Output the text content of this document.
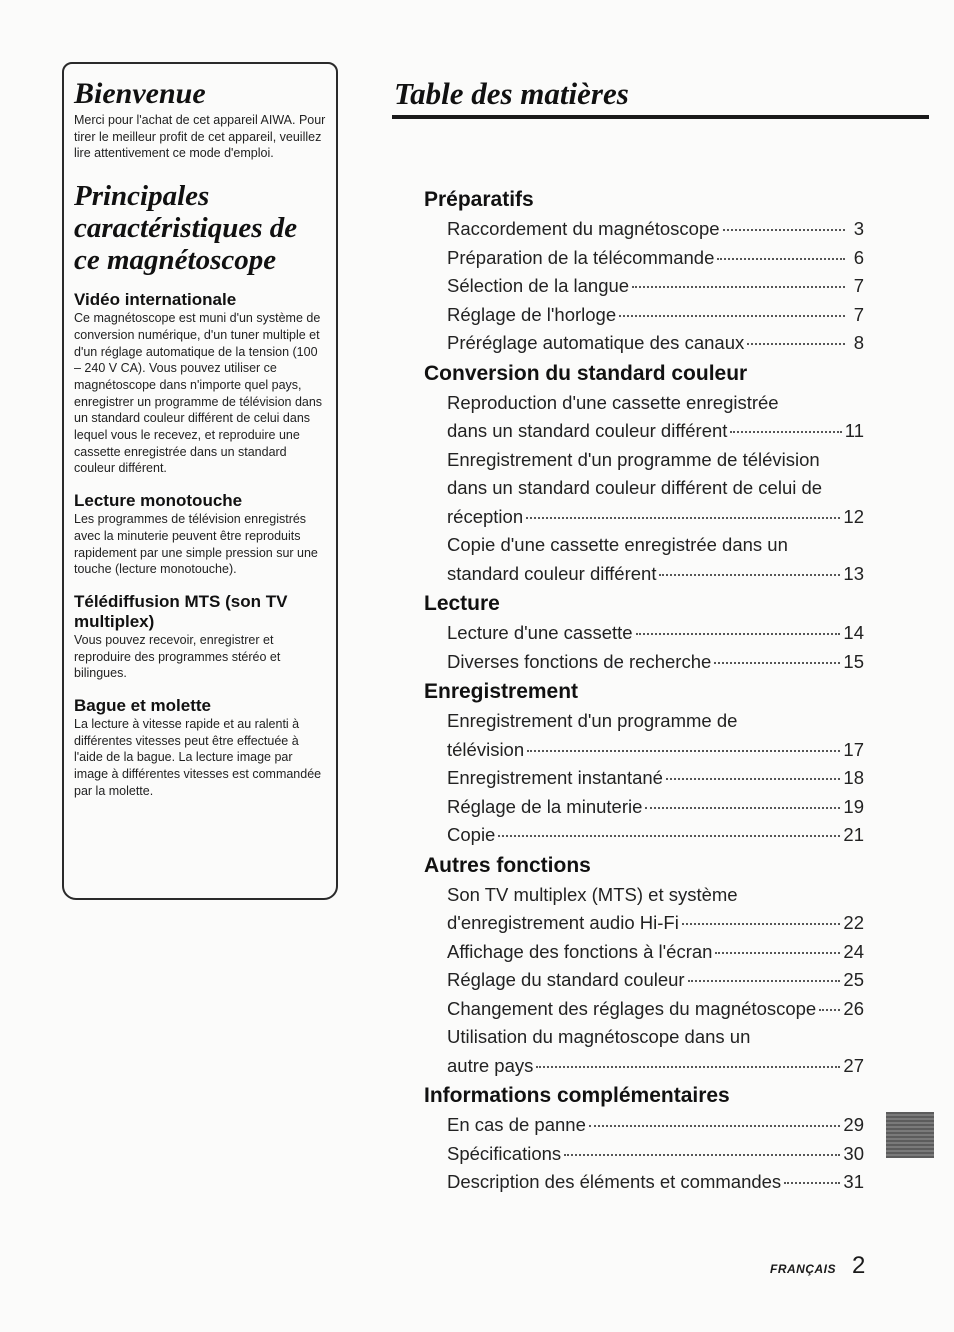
Bienvenue

Merci pour l'achat de cet appareil AIWA. Pour tirer le meilleur profit de cet appareil, veuillez lire attentivement ce mode d'emploi.

Principales caractéristiques de ce magnétoscope

Vidéo internationale

Ce magnétoscope est muni d'un système de conversion numérique, d'un tuner multiple et d'un réglage automatique de la tension (100 – 240 V CA). Vous pouvez utiliser ce magnétoscope dans n'importe quel pays, enregistrer un programme de télévision dans un standard couleur différent de celui dans lequel vous le recevez, et reproduire une cassette enregistrée dans un standard couleur différent.

Lecture monotouche

Les programmes de télévision enregistrés avec la minuterie peuvent être reproduits rapidement par une simple pression sur une touche (lecture monotouche).

Télédiffusion MTS (son TV multiplex)

Vous pouvez recevoir, enregistrer et reproduire des programmes stéréo et bilingues.

Bague et molette

La lecture à vitesse rapide et au ralenti à différentes vitesses peut être effectuée à l'aide de la bague. La lecture image par image à différentes vitesses est commandée par la molette.

Table des matières
Préparatifs
Raccordement du magnétoscope	3
Préparation de la télécommande	6
Sélection de la langue	7
Réglage de l'horloge	7
Préréglage automatique des canaux	8
Conversion du standard couleur
Reproduction d'une cassette enregistrée
dans un standard couleur différent	11
Enregistrement d'un programme de télévision
dans un standard couleur différent de celui de
réception	12
Copie d'une cassette enregistrée dans un
standard couleur différent	13
Lecture
Lecture d'une cassette	14
Diverses fonctions de recherche	15
Enregistrement
Enregistrement d'un programme de
télévision	17
Enregistrement instantané	18
Réglage de la minuterie	19
Copie	21
Autres fonctions
Son TV multiplex (MTS) et système
d'enregistrement audio Hi-Fi	22
Affichage des fonctions à l'écran	24
Réglage du standard couleur	25
Changement des réglages du magnétoscope 26
Utilisation du magnétoscope dans un
autre pays	27
Informations complémentaires
En cas de panne	29
Spécifications	30
Description des éléments et commandes	31
FRANÇAIS 2
